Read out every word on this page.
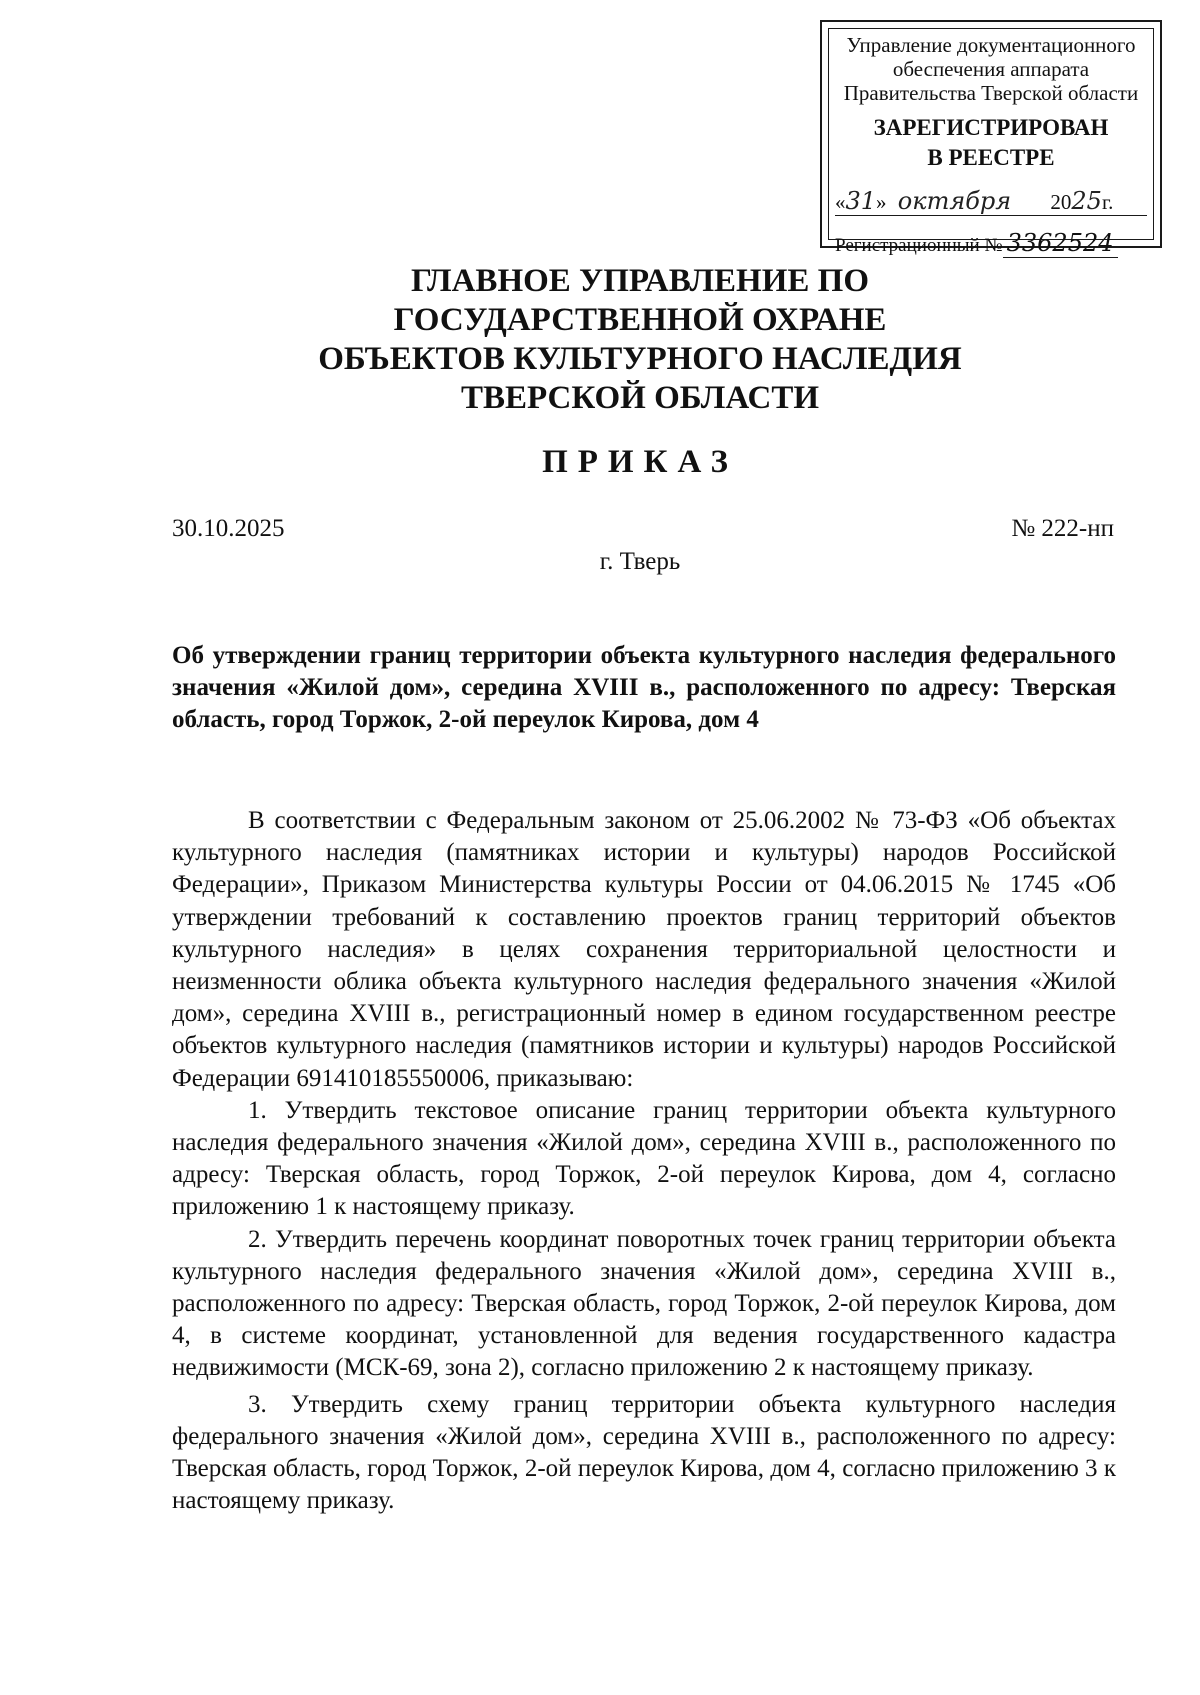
Управление документационного
обеспечения аппарата
Правительства Тверской области
ЗАРЕГИСТРИРОВАН
В РЕЕСТРЕ
«31» октября 2025г.
Регистрационный № 3362524
ГЛАВНОЕ УПРАВЛЕНИЕ ПО
ГОСУДАРСТВЕННОЙ ОХРАНЕ
ОБЪЕКТОВ КУЛЬТУРНОГО НАСЛЕДИЯ
ТВЕРСКОЙ ОБЛАСТИ
ПРИКАЗ
30.10.2025	№ 222-нп
г. Тверь
Об утверждении границ территории объекта культурного наследия федерального значения «Жилой дом», середина XVIII в., расположенного по адресу: Тверская область, город Торжок, 2-ой переулок Кирова, дом 4

В соответствии с Федеральным законом от 25.06.2002 № 73-ФЗ «Об объектах культурного наследия (памятниках истории и культуры) народов Российской Федерации», Приказом Министерства культуры России от 04.06.2015 № 1745 «Об утверждении требований к составлению проектов границ территорий объектов культурного наследия» в целях сохранения территориальной целостности и неизменности облика объекта культурного наследия федерального значения «Жилой дом», середина XVIII в., регистрационный номер в едином государственном реестре объектов культурного наследия (памятников истории и культуры) народов Российской Федерации 691410185550006, приказываю:

1. Утвердить текстовое описание границ территории объекта культурного наследия федерального значения «Жилой дом», середина XVIII в., расположенного по адресу: Тверская область, город Торжок, 2-ой переулок Кирова, дом 4, согласно приложению 1 к настоящему приказу.

2. Утвердить перечень координат поворотных точек границ территории объекта культурного наследия федерального значения «Жилой дом», середина XVIII в., расположенного по адресу: Тверская область, город Торжок, 2-ой переулок Кирова, дом 4, в системе координат, установленной для ведения государственного кадастра недвижимости (МСК-69, зона 2), согласно приложению 2 к настоящему приказу.

3. Утвердить схему границ территории объекта культурного наследия федерального значения «Жилой дом», середина XVIII в., расположенного по адресу: Тверская область, город Торжок, 2-ой переулок Кирова, дом 4, согласно приложению 3 к настоящему приказу.
